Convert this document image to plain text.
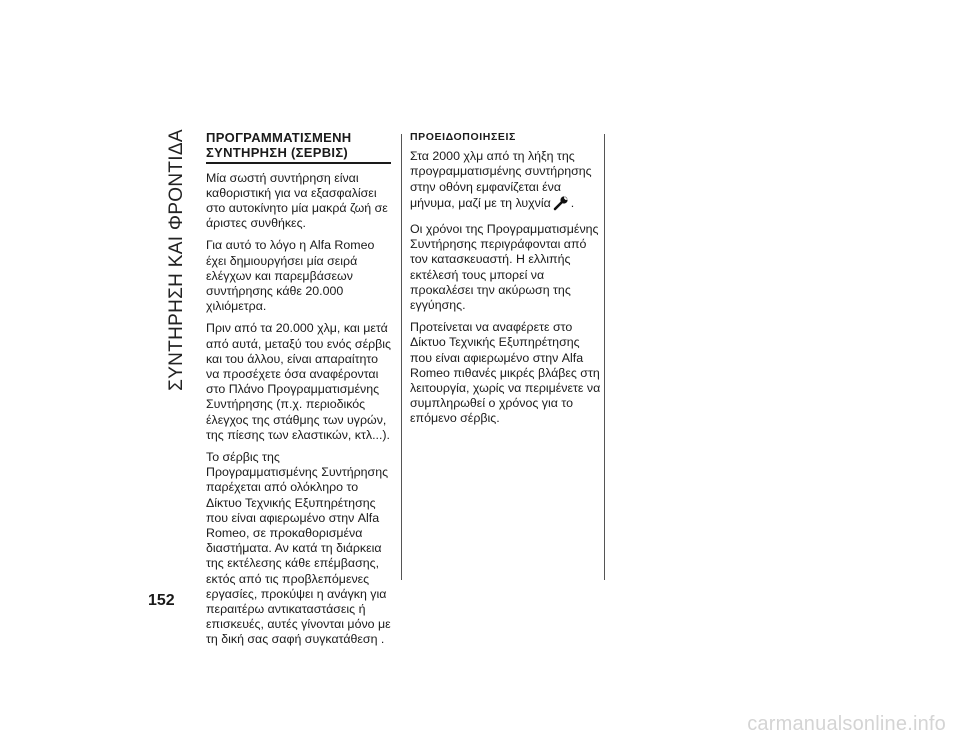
ΣΥΝΤΗΡΗΣΗ ΚΑΙ ΦΡΟΝΤΙΔΑ ΠΡΟΓΡΑΜΜΑΤΙΣΜΕΝΗ
ΣΥΝΤΗΡΗΣΗ (ΣΕΡΒΙΣ)

Μία σωστή συντήρηση είναι καθοριστική για να εξασφαλίσει στο αυτοκίνητο μία μακρά ζωή σε άριστες συνθήκες.

Για αυτό το λόγο η Alfa Romeo έχει δημιουργήσει μία σειρά ελέγχων και παρεμβάσεων συντήρησης κάθε 20.000 χιλιόμετρα.

Πριν από τα 20.000 χλμ, και μετά από αυτά, μεταξύ του ενός σέρβις και του άλλου, είναι απαραίτητο να προσέχετε όσα αναφέρονται στο Πλάνο Προγραμματισμένης Συντήρησης (π.χ. περιοδικός έλεγχος της στάθμης των υγρών, της πίεσης των ελαστικών, κτλ...).

Το σέρβις της Προγραμματισμένης Συντήρησης παρέχεται από ολόκληρο το Δίκτυο Τεχνικής Εξυπηρέτησης που είναι αφιερωμένο στην Alfa Romeo, σε προκαθορισμένα διαστήματα. Αν κατά τη διάρκεια της εκτέλεσης κάθε επέμβασης, εκτός από τις προβλεπόμενες εργασίες, προκύψει η ανάγκη για περαιτέρω αντικαταστάσεις ή επισκευές, αυτές γίνονται μόνο με τη δική σας σαφή συγκατάθεση .

ΠΡΟΕΙΔΟΠΟΙΗΣΕΙΣ

Στα 2000 χλμ από τη λήξη της προγραμματισμένης συντήρησης στην οθόνη εμφανίζεται ένα μήνυμα, μαζί με τη λυχνία .

Οι χρόνοι της Προγραμματισμένης Συντήρησης περιγράφονται από τον κατασκευαστή. Η ελλιπής εκτέλεσή τους μπορεί να προκαλέσει την ακύρωση της εγγύησης.

Προτείνεται να αναφέρετε στο Δίκτυο Τεχνικής Εξυπηρέτησης που είναι αφιερωμένο στην Alfa Romeo πιθανές μικρές βλάβες στη λειτουργία, χωρίς να περιμένετε να συμπληρωθεί ο χρόνος για το επόμενο σέρβις.

152
carmanualsonline.info
